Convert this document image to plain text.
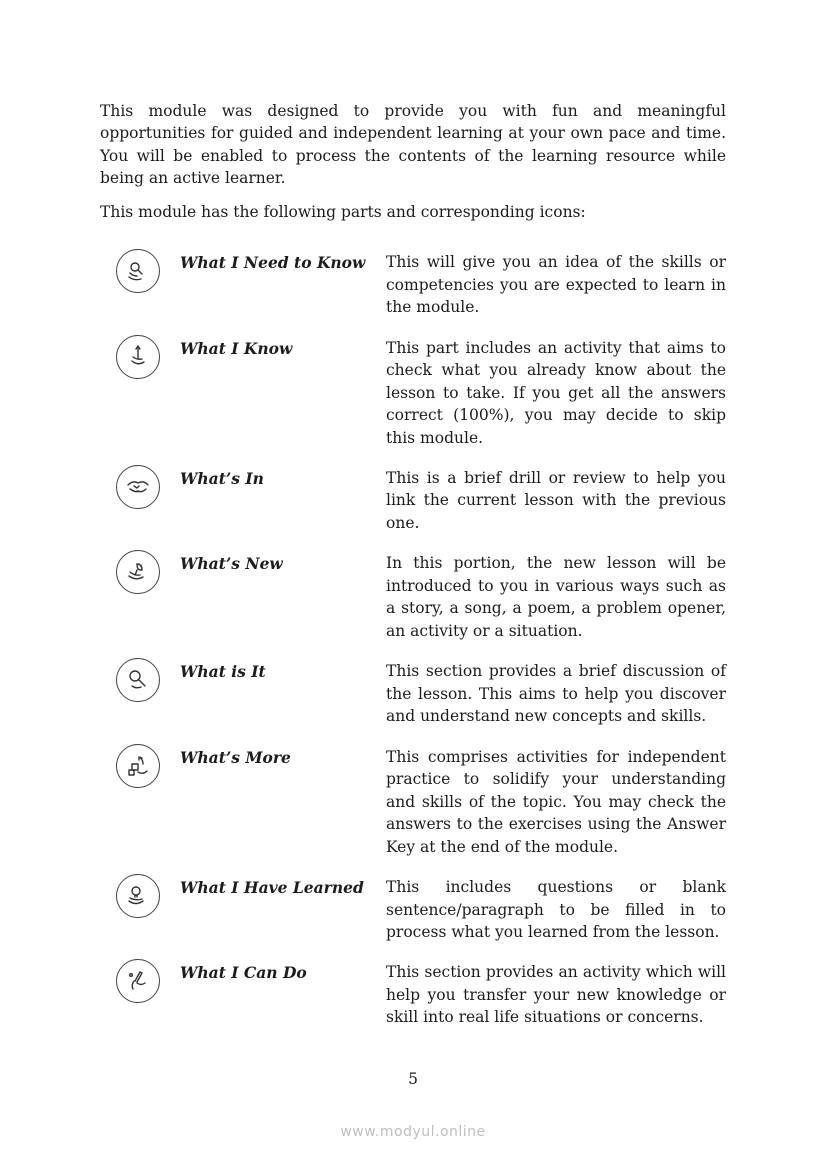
This module was designed to provide you with fun and meaningful opportunities for guided and independent learning at your own pace and time. You will be enabled to process the contents of the learning resource while being an active learner.

This module has the following parts and corresponding icons:

What I Need to Know	This will give you an idea of the skills or competencies you are expected to learn in the module.
What I Know	This part includes an activity that aims to check what you already know about the lesson to take. If you get all the answers correct (100%), you may decide to skip this module.
What’s In	This is a brief drill or review to help you link the current lesson with the previous one.
What’s New	In this portion, the new lesson will be introduced to you in various ways such as a story, a song, a poem, a problem opener, an activity or a situation.
What is It	This section provides a brief discussion of the lesson. This aims to help you discover and understand new concepts and skills.
What’s More	This comprises activities for independent practice to solidify your understanding and skills of the topic. You may check the answers to the exercises using the Answer Key at the end of the module.
What I Have Learned	This includes questions or blank sentence/paragraph to be filled in to process what you learned from the lesson.
What I Can Do	This section provides an activity which will help you transfer your new knowledge or skill into real life situations or concerns.
5
www.modyul.online
